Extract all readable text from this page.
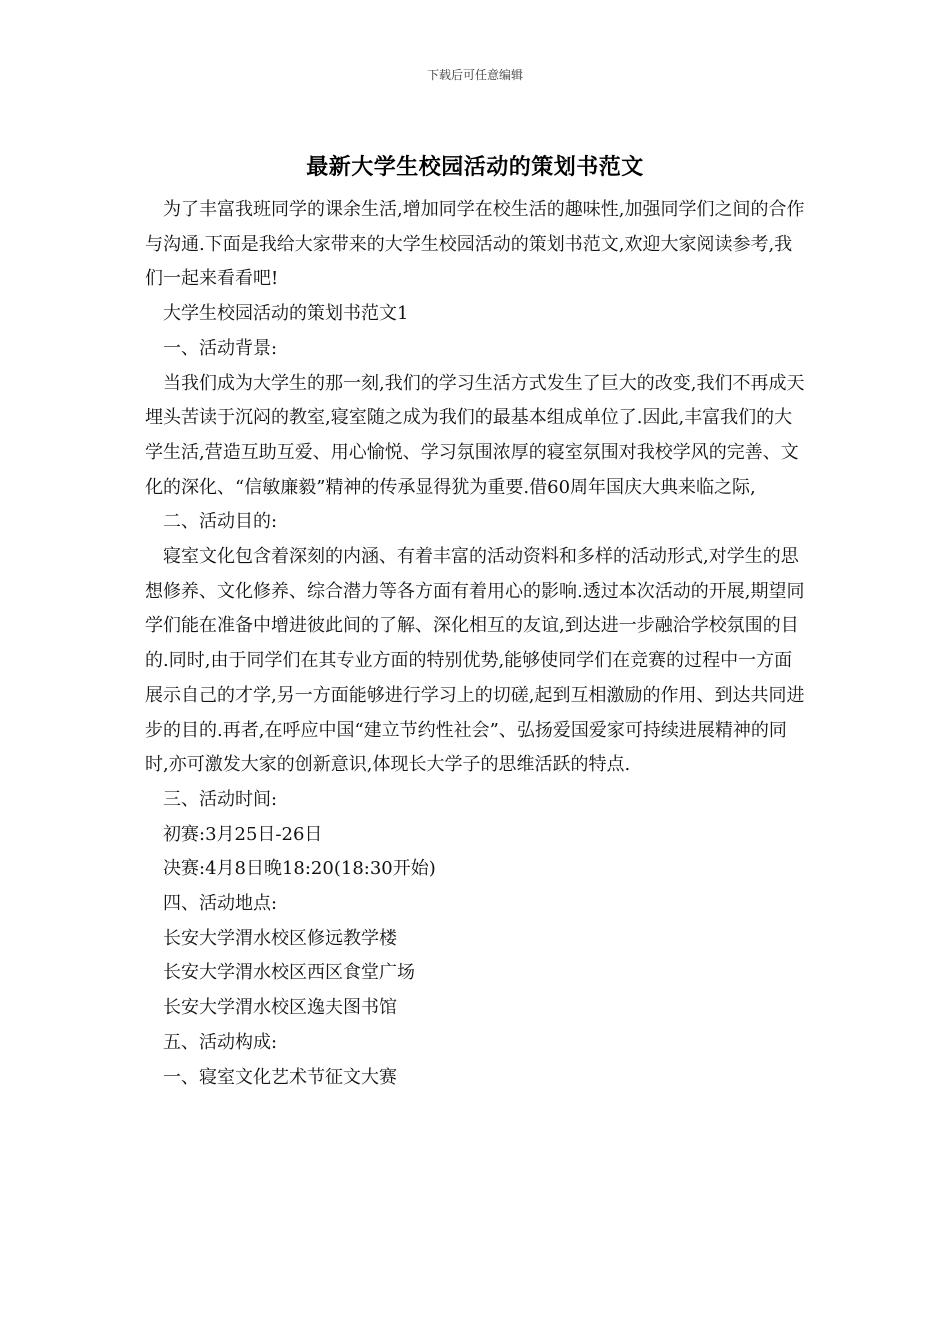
下载后可任意编辑
最新大学生校园活动的策划书范文

为了丰富我班同学的课余生活,增加同学在校生活的趣味性,加强同学们之间的合作与沟通.下面是我给大家带来的大学生校园活动的策划书范文,欢迎大家阅读参考,我们一起来看看吧!

大学生校园活动的策划书范文1

一、活动背景:

当我们成为大学生的那一刻,我们的学习生活方式发生了巨大的改变,我们不再成天埋头苦读于沉闷的教室,寝室随之成为我们的最基本组成单位了.因此,丰富我们的大学生活,营造互助互爱、用心愉悦、学习氛围浓厚的寝室氛围对我校学风的完善、文化的深化、“信敏廉毅”精神的传承显得犹为重要.借60周年国庆大典来临之际,

二、活动目的:

寝室文化包含着深刻的内涵、有着丰富的活动资料和多样的活动形式,对学生的思想修养、文化修养、综合潜力等各方面有着用心的影响.透过本次活动的开展,期望同学们能在准备中增进彼此间的了解、深化相互的友谊,到达进一步融洽学校氛围的目的.同时,由于同学们在其专业方面的特别优势,能够使同学们在竞赛的过程中一方面展示自己的才学,另一方面能够进行学习上的切磋,起到互相激励的作用、到达共同进步的目的.再者,在呼应中国“建立节约性社会”、弘扬爱国爱家可持续进展精神的同时,亦可激发大家的创新意识,体现长大学子的思维活跃的特点.

三、活动时间:

初赛:3月25日-26日

决赛:4月8日晚18:20(18:30开始)

四、活动地点:

长安大学渭水校区修远教学楼

长安大学渭水校区西区食堂广场

长安大学渭水校区逸夫图书馆

五、活动构成:

一、寝室文化艺术节征文大赛
